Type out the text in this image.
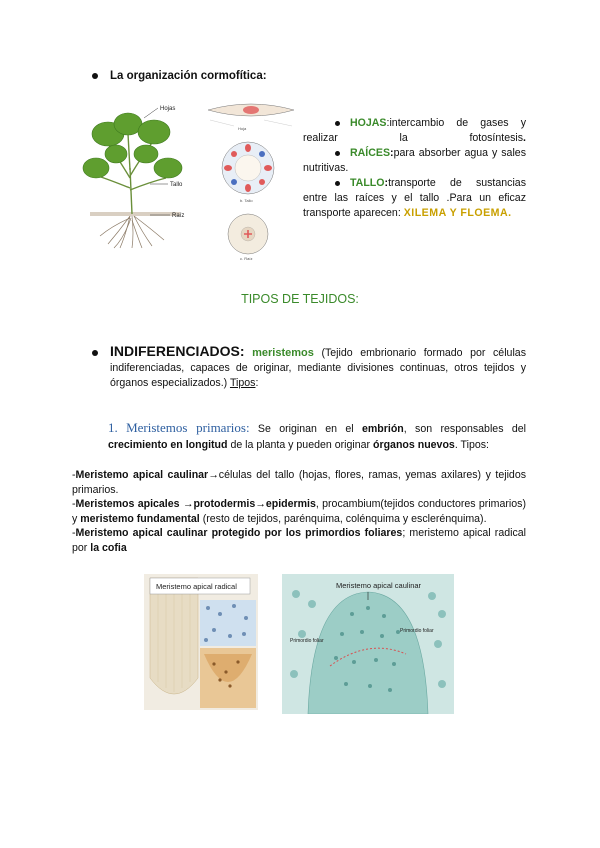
La organización cormofítica:
Hojas
Tallo
Raíz
Hoja
b. Tallo
c. Raíz
HOJAS:intercambio de gases y realizar la fotosíntesis.
RAÍCES:para absorber agua y sales nutritivas.
TALLO:transporte de sustancias entre las raíces y el tallo .Para un eficaz transporte aparecen: XILEMA Y FLOEMA.
TIPOS DE TEJIDOS:
INDIFERENCIADOS: meristemos (Tejido embrionario formado por células indiferenciadas, capaces de originar, mediante divisiones continuas, otros tejidos y órganos especializados.) Tipos:
1. Meristemos primarios: Se originan en el embrión, son responsables del crecimiento en longitud de la planta y pueden originar órganos nuevos. Tipos:
-Meristemo apical caulinar→células del tallo (hojas, flores, ramas, yemas axilares) y tejidos primarios.
-Meristemos apicales →protodermis→epidermis, procambium(tejidos conductores primarios) y meristemo fundamental (resto de tejidos, parénquima, colénquima y esclerénquima).
-Meristemo apical caulinar protegido por los primordios foliares; meristemo apical radical por la cofia
Meristemo apical radical	Meristemo apical caulinar
Primordio foliar
Primordio foliar
